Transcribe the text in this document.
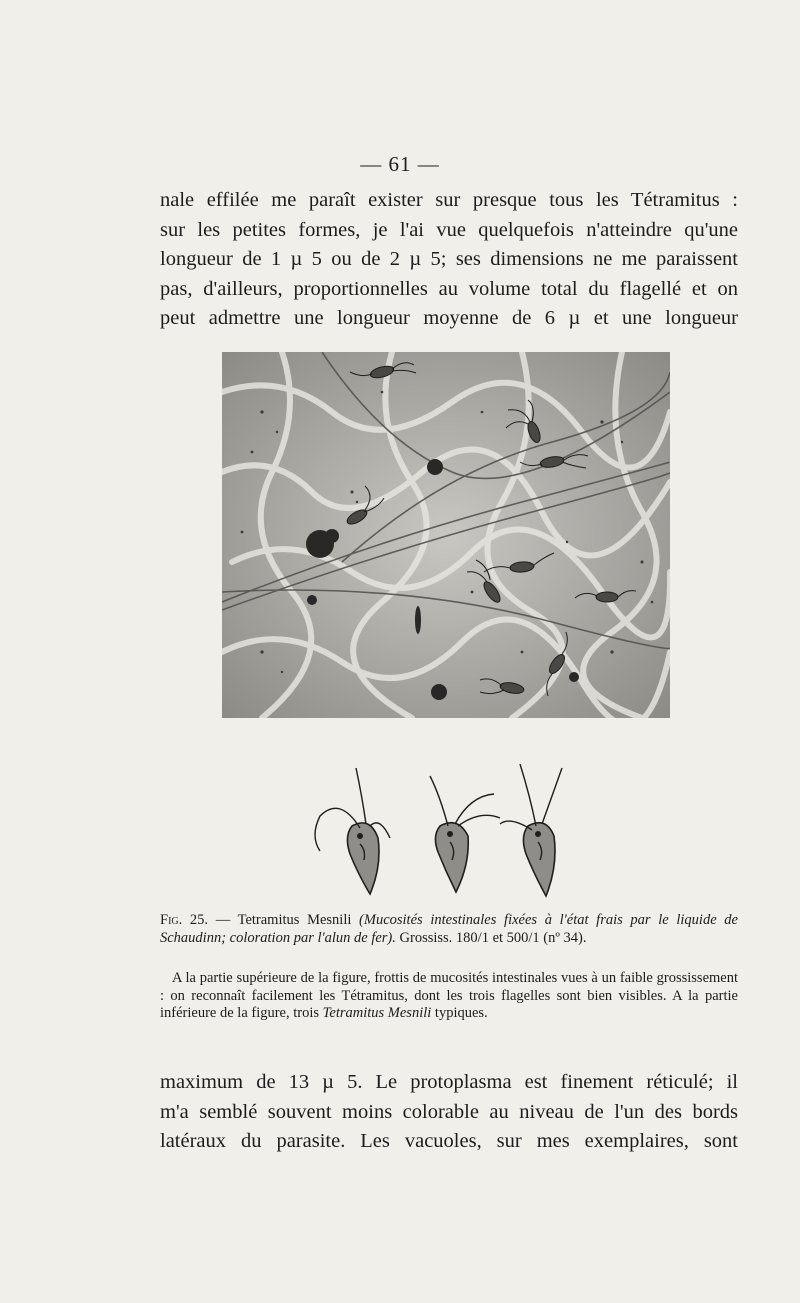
— 61 —
nale effilée me paraît exister sur presque tous les Tétramitus :
sur les petites formes, je l'ai vue quelquefois n'atteindre qu'une
longueur de 1 µ 5 ou de 2 µ 5; ses dimensions ne me paraissent
pas, d'ailleurs, proportionnelles au volume total du flagellé et on
peut admettre une longueur moyenne de 6 µ et une longueur
Fig. 25. — Tetramitus Mesnili (Mucosités intestinales fixées à l'état frais par le liquide de Schaudinn; coloration par l'alun de fer). Grossiss. 180/1 et 500/1 (nº 34).
A la partie supérieure de la figure, frottis de mucosités intestinales vues à un faible grossissement : on reconnaît facilement les Tétramitus, dont les trois flagelles sont bien visibles. A la partie inférieure de la figure, trois Tetramitus Mesnili typiques.
maximum de 13 µ 5. Le protoplasma est finement réticulé; il
m'a semblé souvent moins colorable au niveau de l'un des bords
latéraux du parasite. Les vacuoles, sur mes exemplaires, sont
